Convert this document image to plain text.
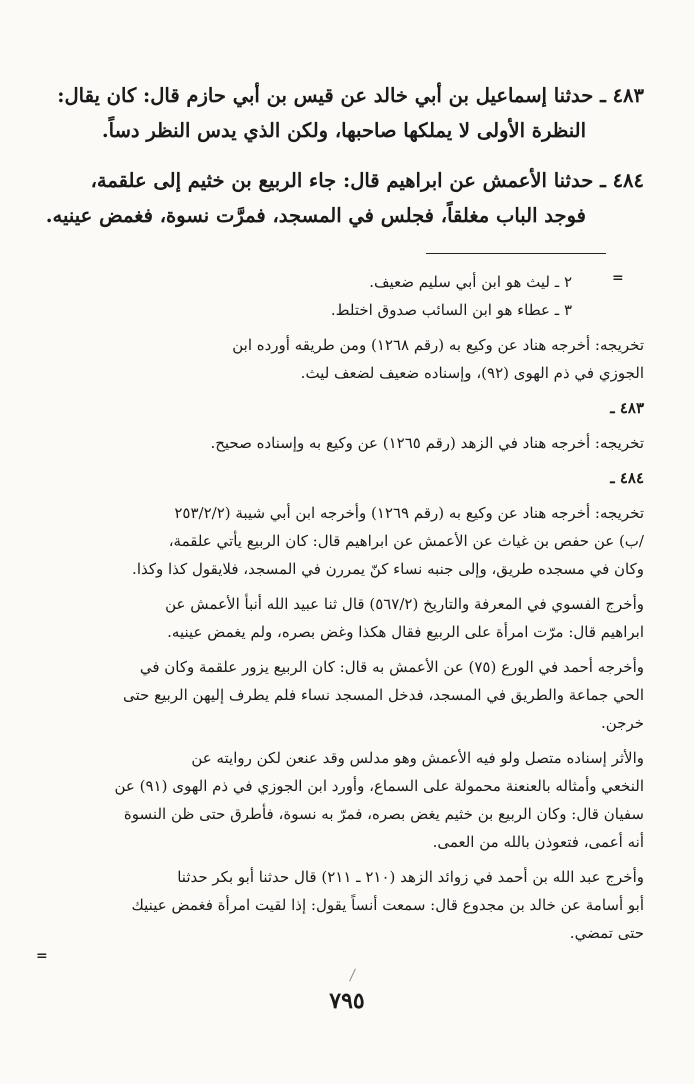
٤٨٣ ـ حدثنا إسماعيل بن أبي خالد عن قيس بن أبي حازم قال: كان يقال:

النظرة الأولى لا يملكها صاحبها، ولكن الذي يدس النظر دساً.

٤٨٤ ـ حدثنا الأعمش عن ابراهيم قال: جاء الربيع بن خثيم إلى علقمة،

فوجد الباب مغلقاً، فجلس في المسجد، فمرَّت نسوة، فغمض عينيه.

=

٢ ـ ليث هو ابن أبي سليم ضعيف.

٣ ـ عطاء هو ابن السائب صدوق اختلط.

تخريجه: أخرجه هناد عن وكيع به (رقم ١٢٦٨) ومن طريقه أورده ابن

الجوزي في ذم الهوى (٩٢)، وإسناده ضعيف لضعف ليث.

٤٨٣ ـ

تخريجه: أخرجه هناد في الزهد (رقم ١٢٦٥) عن وكيع به وإسناده صحيح.

٤٨٤ ـ

تخريجه: أخرجه هناد عن وكيع به (رقم ١٢٦٩) وأخرجه ابن أبي شيبة (٢٥٣/٢/٢

/ب) عن حفص بن غياث عن الأعمش عن ابراهيم قال: كان الربيع يأتي علقمة،

وكان في مسجده طريق، وإلى جنبه نساء كنّ يمررن في المسجد، فلايقول كذا وكذا.

وأخرج الفسوي في المعرفة والتاريخ (٥٦٧/٢) قال ثنا عبيد الله أنبأ الأعمش عن

ابراهيم قال: مرّت امرأة على الربيع فقال هكذا وغض بصره، ولم يغمض عينيه.

وأخرجه أحمد في الورع (٧٥) عن الأعمش به قال: كان الربيع يزور علقمة وكان في

الحي جماعة والطريق في المسجد، فدخل المسجد نساء فلم يطرف إليهن الربيع حتى

خرجن.

والأثر إسناده متصل ولو فيه الأعمش وهو مدلس وقد عنعن لكن روايته عن

النخعي وأمثاله بالعنعنة محمولة على السماع، وأورد ابن الجوزي في ذم الهوى (٩١) عن

سفيان قال: وكان الربيع بن خثيم يغض بصره، فمرّ به نسوة، فأطرق حتى ظن النسوة

أنه أعمى، فتعوذن بالله من العمى.

وأخرج عبد الله بن أحمد في زوائد الزهد (٢١٠ ـ ٢١١) قال حدثنا أبو بكر حدثنا

أبو أسامة عن خالد بن مجدوع قال: سمعت أنساً يقول: إذا لقيت امرأة فغمض عينيك

حتى تمضي.

=
٧٩٥
